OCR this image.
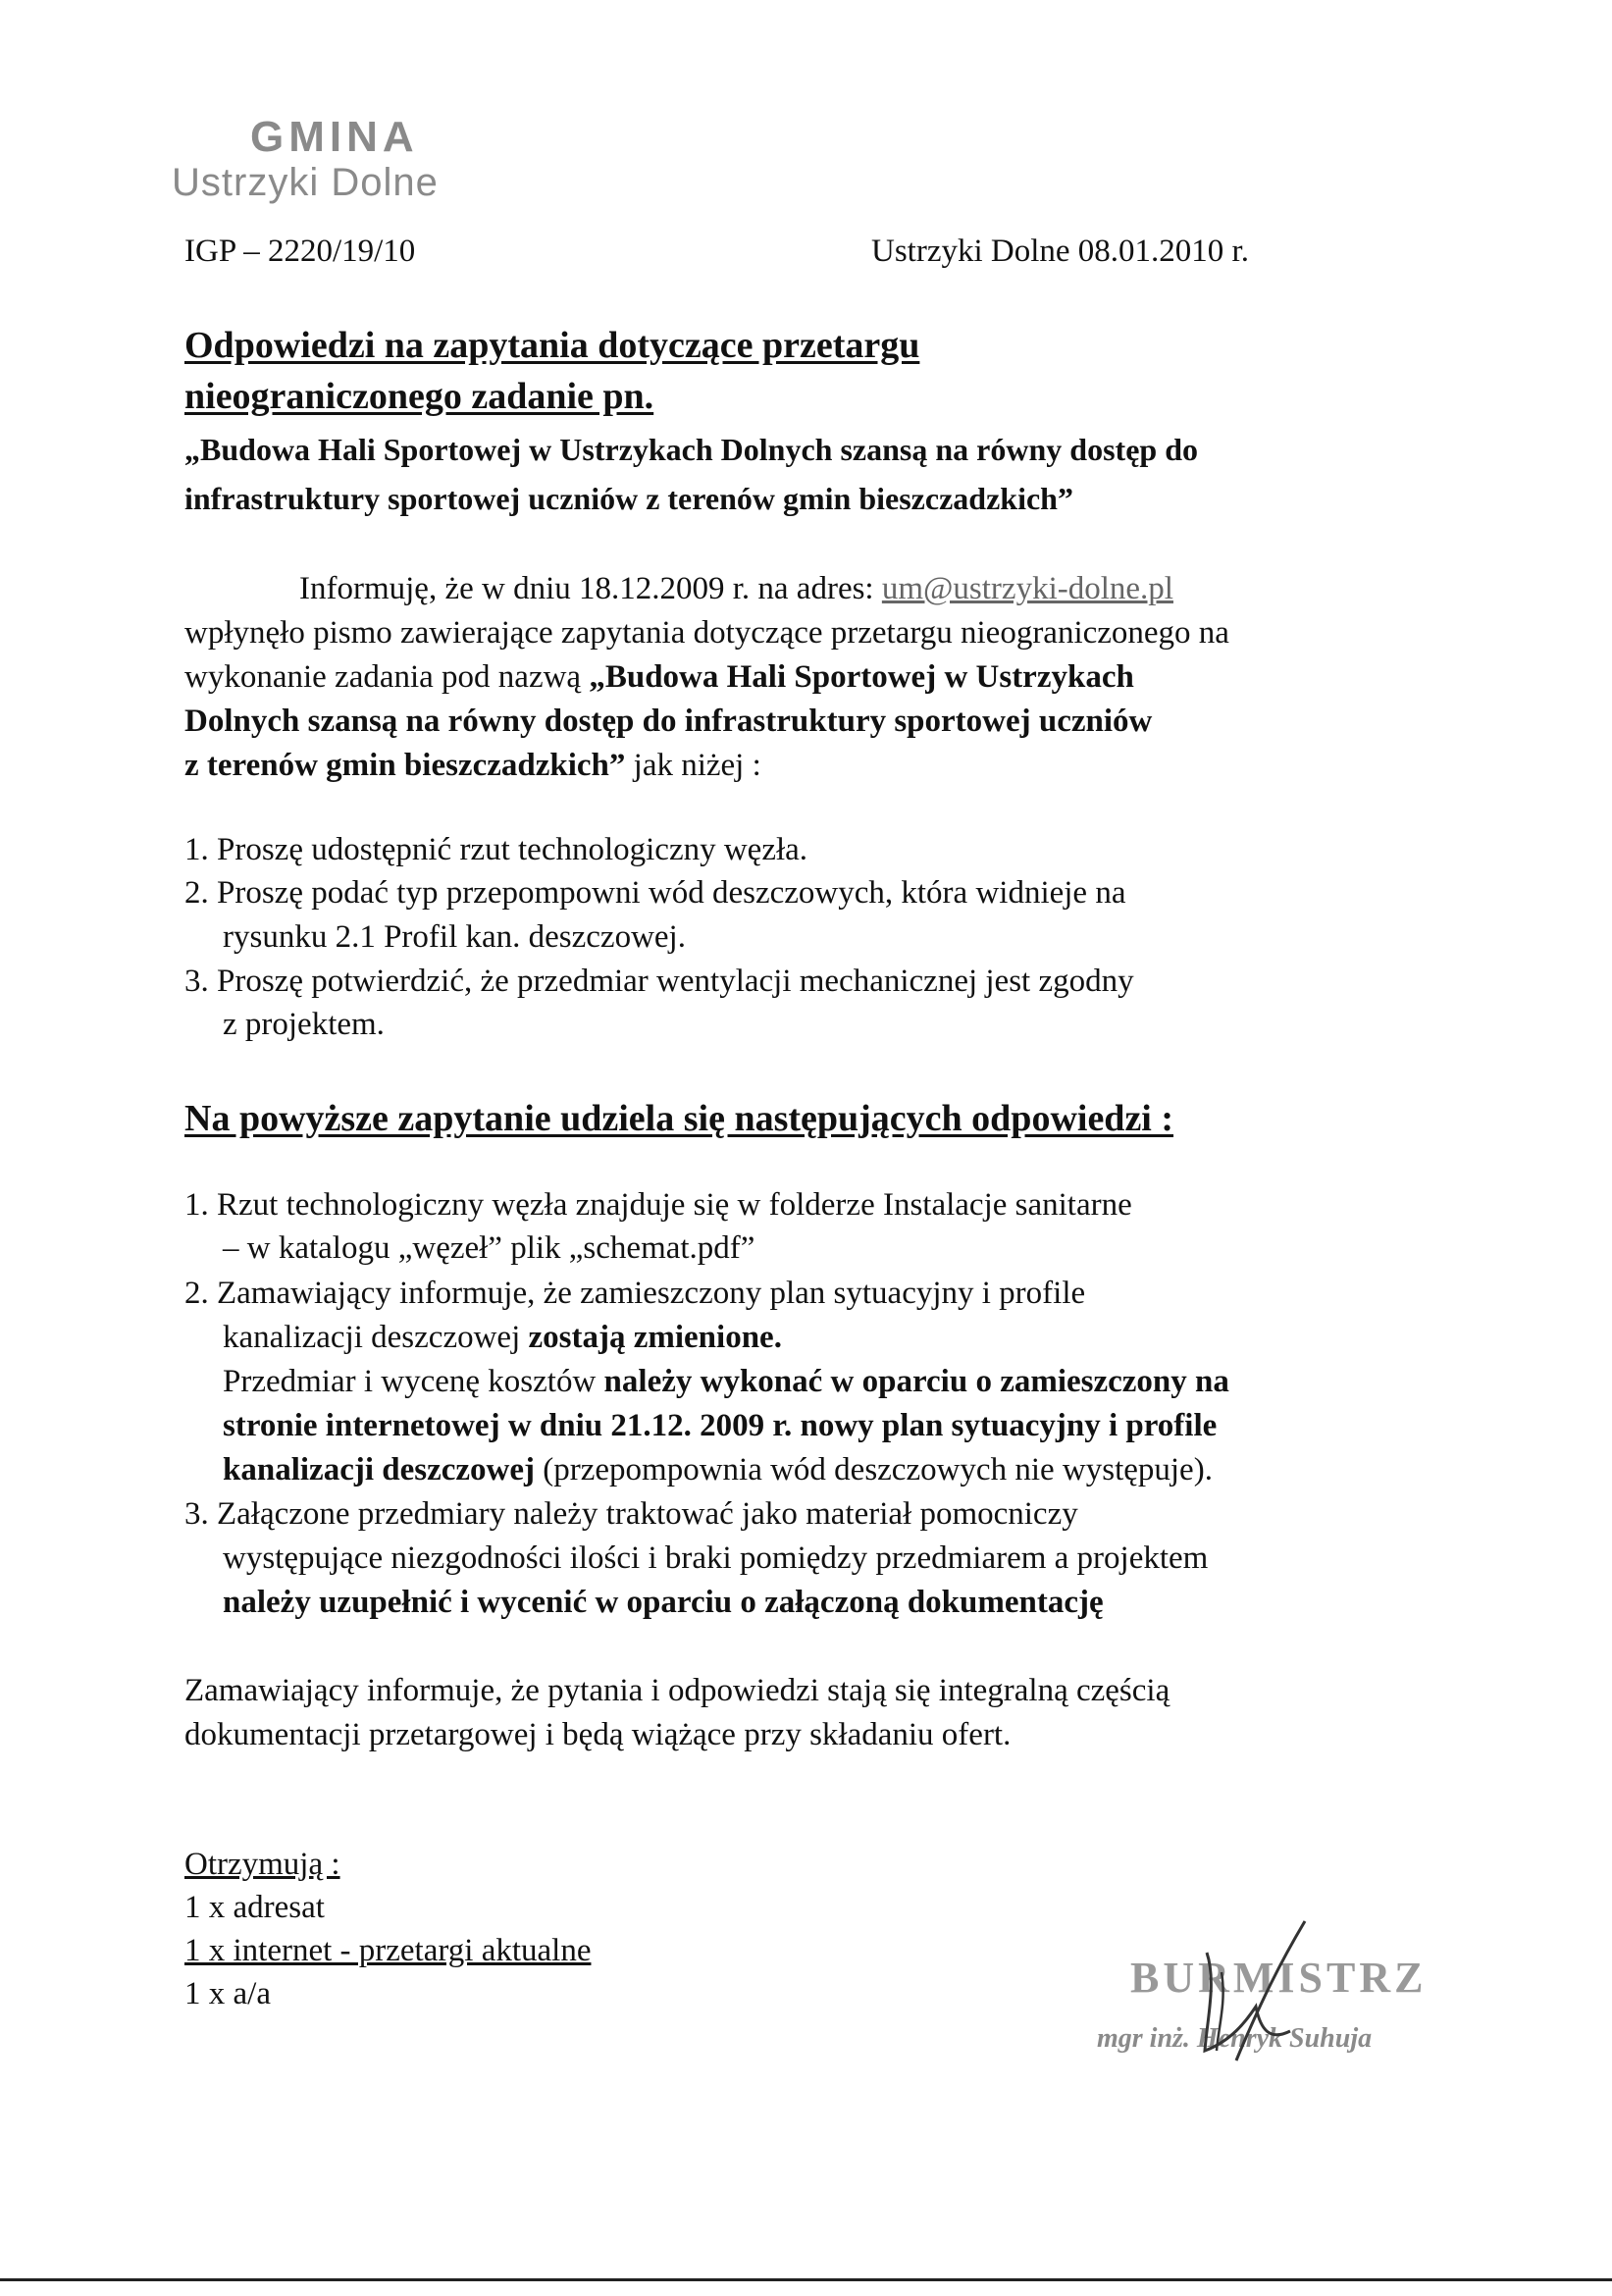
GMINA
Ustrzyki Dolne
IGP – 2220/19/10	Ustrzyki Dolne 08.01.2010 r.
Odpowiedzi na zapytania dotyczące przetargu
nieograniczonego zadanie pn.
„Budowa Hali Sportowej w Ustrzykach Dolnych szansą na równy dostęp do
infrastruktury sportowej uczniów z terenów gmin bieszczadzkich”
Informuję, że w dniu 18.12.2009 r. na adres: um@ustrzyki-dolne.pl
wpłynęło pismo zawierające zapytania dotyczące przetargu nieograniczonego na
wykonanie zadania pod nazwą „Budowa Hali Sportowej w Ustrzykach
Dolnych szansą na równy dostęp do infrastruktury sportowej uczniów
z terenów gmin bieszczadzkich” jak niżej :
1. Proszę udostępnić rzut technologiczny węzła.
2. Proszę podać typ przepompowni wód deszczowych, która widnieje na
rysunku 2.1 Profil kan. deszczowej.
3. Proszę potwierdzić, że przedmiar wentylacji mechanicznej jest zgodny
z projektem.
Na powyższe zapytanie udziela się następujących odpowiedzi :
1. Rzut technologiczny węzła znajduje się w folderze Instalacje sanitarne
– w katalogu „węzeł” plik „schemat.pdf”
2. Zamawiający informuje, że zamieszczony plan sytuacyjny i profile
kanalizacji deszczowej zostają zmienione.
Przedmiar i wycenę kosztów należy wykonać w oparciu o zamieszczony na
stronie internetowej w dniu 21.12. 2009 r. nowy plan sytuacyjny i profile
kanalizacji deszczowej (przepompownia wód deszczowych nie występuje).
3. Załączone przedmiary należy traktować jako materiał pomocniczy
występujące niezgodności ilości i braki pomiędzy przedmiarem a projektem
należy uzupełnić i wycenić w oparciu o załączoną dokumentację
Zamawiający informuje, że pytania i odpowiedzi stają się integralną częścią
dokumentacji przetargowej i będą wiążące przy składaniu ofert.
Otrzymują :
1 x adresat
1 x internet - przetargi aktualne
1 x a/a	BURMISTRZ
mgr inż. Henryk Suhuja
